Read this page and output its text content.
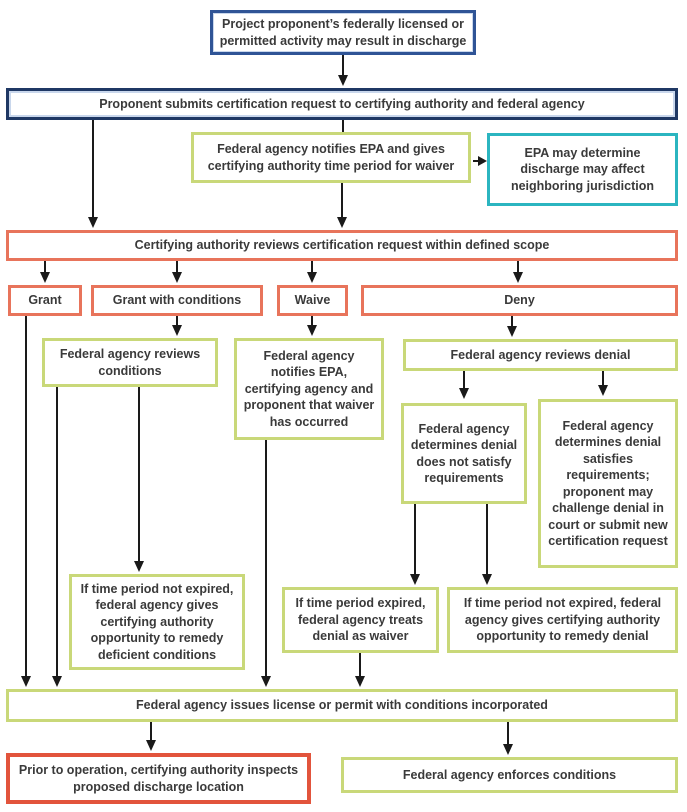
Project proponent’s federally licensed or permitted activity may result in discharge
Proponent submits certification request to certifying authority and federal agency
Federal agency notifies EPA and gives certifying authority time period for waiver
EPA may determine discharge may affect neighboring jurisdiction
Certifying authority reviews certification request within defined scope
Grant	Grant with conditions	Waive	Deny
Federal agency reviews conditions
Federal agency notifies EPA, certifying agency and proponent that waiver has occurred
Federal agency reviews denial
Federal agency determines denial does not satisfy requirements
Federal agency determines denial satisfies requirements; proponent may challenge denial in court or submit new certification request
If time period not expired, federal agency gives certifying authority opportunity to remedy deficient conditions
If time period expired, federal agency treats denial as waiver
If time period not expired, federal agency gives certifying authority opportunity to remedy denial
Federal agency issues license or permit with conditions incorporated
Prior to operation, certifying authority inspects proposed discharge location
Federal agency enforces conditions
